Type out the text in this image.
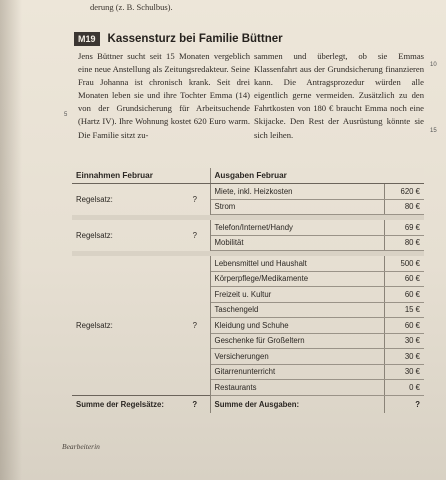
derung (z. B. Schulbus).
M19	Kassensturz bei Familie Büttner
Jens Büttner sucht seit 15 Monaten vergeblich eine neue Anstellung als Zeitungsredakteur. Seine Frau Johanna ist chronisch krank. Seit drei Monaten leben sie und ihre Tochter Emma (14) von der Grundsicherung für Arbeitsuchende (Hartz IV). Ihre Wohnung kostet 620 Euro warm. Die Familie sitzt zu-
sammen und überlegt, ob sie Emmas Klassenfahrt aus der Grundsicherung finanzieren kann. Die Antragsprozedur würden alle eigentlich gerne vermeiden. Zusätzlich zu den Fahrtkosten von 180 € braucht Emma noch eine Skijacke. Den Rest der Ausrüstung könnte sie sich leihen.
5
10
15
Einnahmen Februar		Ausgaben Februar	
Regelsatz:	?	Miete, inkl. Heizkosten	620 €
		Strom	80 €

Regelsatz:	?	Telefon/Internet/Handy	69 €
		Mobilität	80 €

Regelsatz:	?	Lebensmittel und Haushalt	500 €
		Körperpflege/Medikamente	60 €
		Freizeit u. Kultur	60 €
		Taschengeld	15 €
		Kleidung und Schuhe	60 €
		Geschenke für Großeltern	30 €
		Versicherungen	30 €
		Gitarrenunterricht	30 €
		Restaurants	0 €
Summe der Regelsätze:	?	Summe der Ausgaben:	?
Bearbeiterin
